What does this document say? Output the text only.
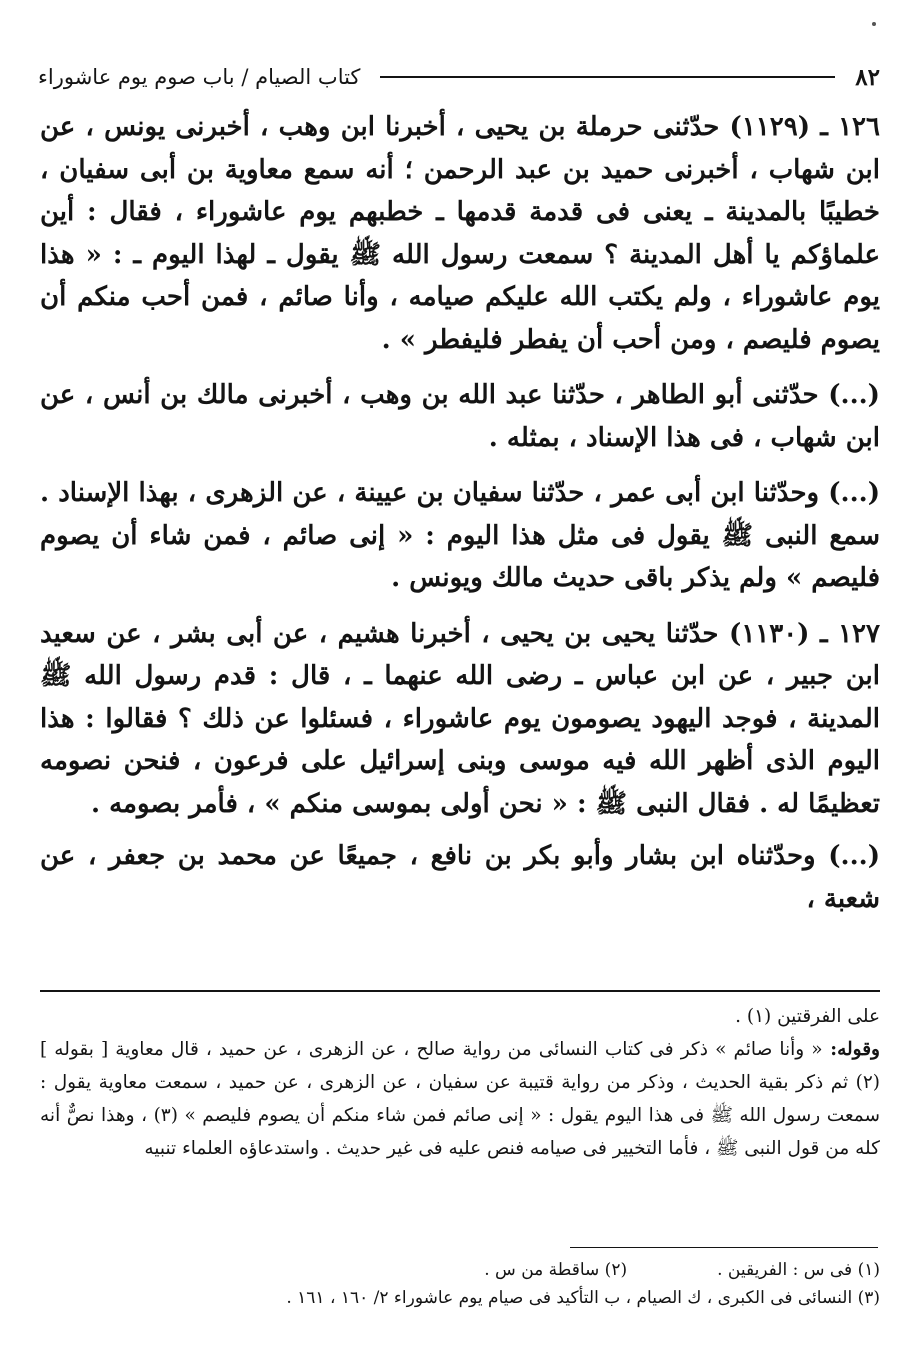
٨٢
كتاب الصيام / باب صوم يوم عاشوراء

١٢٦ ـ (١١٢٩) حدّثنى حرملة بن يحيى ، أخبرنا ابن وهب ، أخبرنى يونس ، عن ابن شهاب ، أخبرنى حميد بن عبد الرحمن ؛ أنه سمع معاوية بن أبى سفيان ، خطيبًا بالمدينة ـ يعنى فى قدمة قدمها ـ خطبهم يوم عاشوراء ، فقال : أين علماؤكم يا أهل المدينة ؟ سمعت رسول الله ﷺ يقول ـ لهذا اليوم ـ : « هذا يوم عاشوراء ، ولم يكتب الله عليكم صيامه ، وأنا صائم ، فمن أحب منكم أن يصوم فليصم ، ومن أحب أن يفطر فليفطر » .

(...) حدّثنى أبو الطاهر ، حدّثنا عبد الله بن وهب ، أخبرنى مالك بن أنس ، عن ابن شهاب ، فى هذا الإسناد ، بمثله .

(...) وحدّثنا ابن أبى عمر ، حدّثنا سفيان بن عيينة ، عن الزهرى ، بهذا الإسناد . سمع النبى ﷺ يقول فى مثل هذا اليوم : « إنى صائم ، فمن شاء أن يصوم فليصم » ولم يذكر باقى حديث مالك ويونس .

١٢٧ ـ (١١٣٠) حدّثنا يحيى بن يحيى ، أخبرنا هشيم ، عن أبى بشر ، عن سعيد ابن جبير ، عن ابن عباس ـ رضى الله عنهما ـ ، قال : قدم رسول الله ﷺ المدينة ، فوجد اليهود يصومون يوم عاشوراء ، فسئلوا عن ذلك ؟ فقالوا : هذا اليوم الذى أظهر الله فيه موسى وبنى إسرائيل على فرعون ، فنحن نصومه تعظيمًا له . فقال النبى ﷺ : « نحن أولى بموسى منكم » ، فأمر بصومه .

(...) وحدّثناه ابن بشار وأبو بكر بن نافع ، جميعًا عن محمد بن جعفر ، عن شعبة ،

على الفرقتين (١) .

وقوله: « وأنا صائم » ذكر فى كتاب النسائى من رواية صالح ، عن الزهرى ، عن حميد ، قال معاوية [ بقوله ] (٢) ثم ذكر بقية الحديث ، وذكر من رواية قتيبة عن سفيان ، عن الزهرى ، عن حميد ، سمعت معاوية يقول : سمعت رسول الله ﷺ فى هذا اليوم يقول : « إنى صائم فمن شاء منكم أن يصوم فليصم » (٣) ، وهذا نصٌّ أنه كله من قول النبى ﷺ ، فأما التخيير فى صيامه فنص عليه فى غير حديث . واستدعاؤه العلماء تنبيه

(١) فى س : الفريقين .
(٢) ساقطة من س .
(٣) النسائى فى الكبرى ، ك الصيام ، ب التأكيد فى صيام يوم عاشوراء ٢/ ١٦٠ ، ١٦١ .
